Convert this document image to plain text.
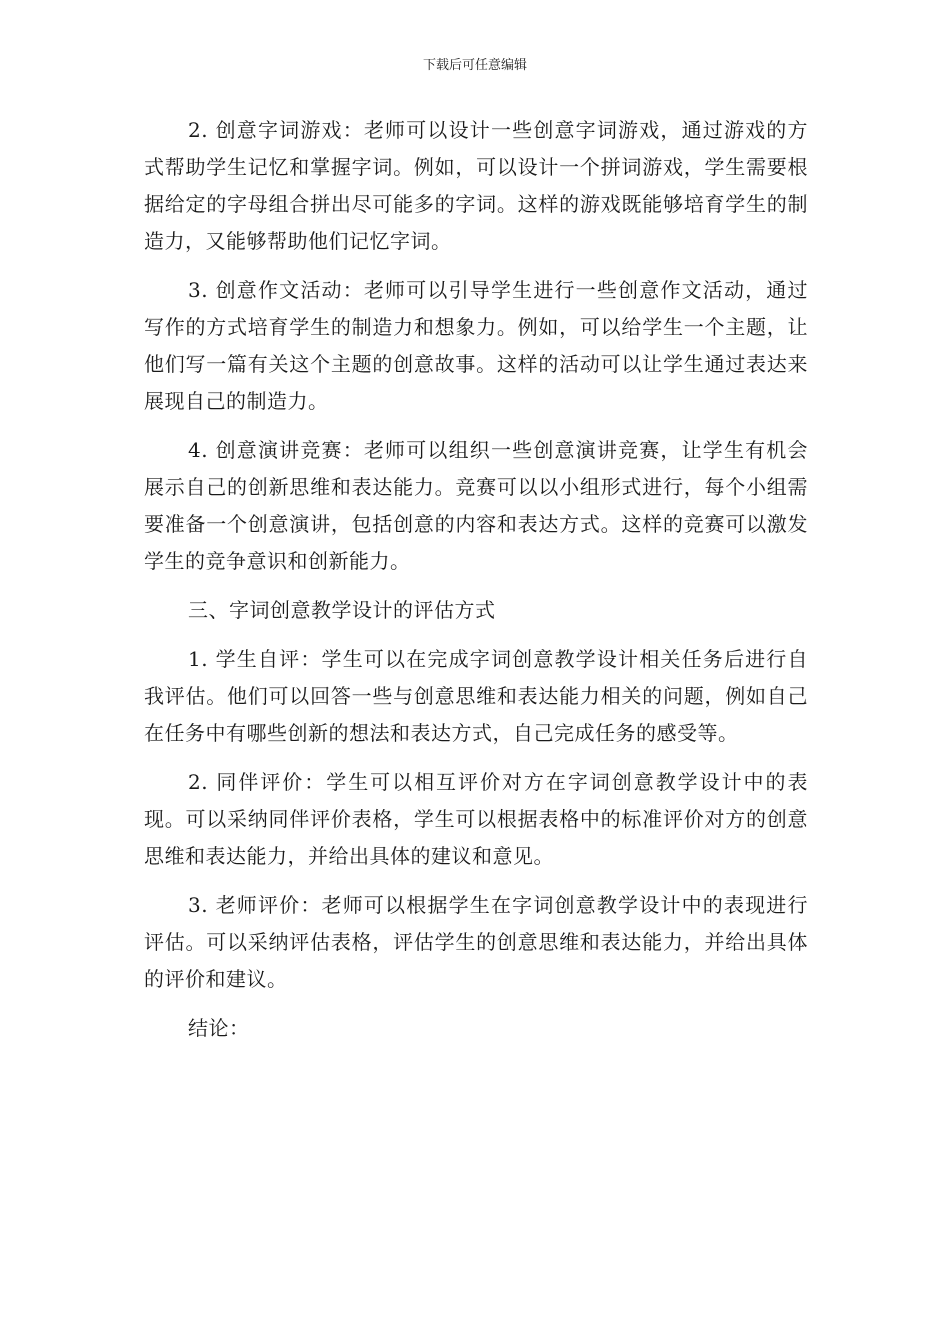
下载后可任意编辑

2. 创意字词游戏：老师可以设计一些创意字词游戏，通过游戏的方式帮助学生记忆和掌握字词。例如，可以设计一个拼词游戏，学生需要根据给定的字母组合拼出尽可能多的字词。这样的游戏既能够培育学生的制造力，又能够帮助他们记忆字词。

3. 创意作文活动：老师可以引导学生进行一些创意作文活动，通过写作的方式培育学生的制造力和想象力。例如，可以给学生一个主题，让他们写一篇有关这个主题的创意故事。这样的活动可以让学生通过表达来展现自己的制造力。

4. 创意演讲竞赛：老师可以组织一些创意演讲竞赛，让学生有机会展示自己的创新思维和表达能力。竞赛可以以小组形式进行，每个小组需要准备一个创意演讲，包括创意的内容和表达方式。这样的竞赛可以激发学生的竞争意识和创新能力。

三、字词创意教学设计的评估方式

1. 学生自评：学生可以在完成字词创意教学设计相关任务后进行自我评估。他们可以回答一些与创意思维和表达能力相关的问题，例如自己在任务中有哪些创新的想法和表达方式，自己完成任务的感受等。

2. 同伴评价：学生可以相互评价对方在字词创意教学设计中的表现。可以采纳同伴评价表格，学生可以根据表格中的标准评价对方的创意思维和表达能力，并给出具体的建议和意见。

3. 老师评价：老师可以根据学生在字词创意教学设计中的表现进行评估。可以采纳评估表格，评估学生的创意思维和表达能力，并给出具体的评价和建议。

结论：
